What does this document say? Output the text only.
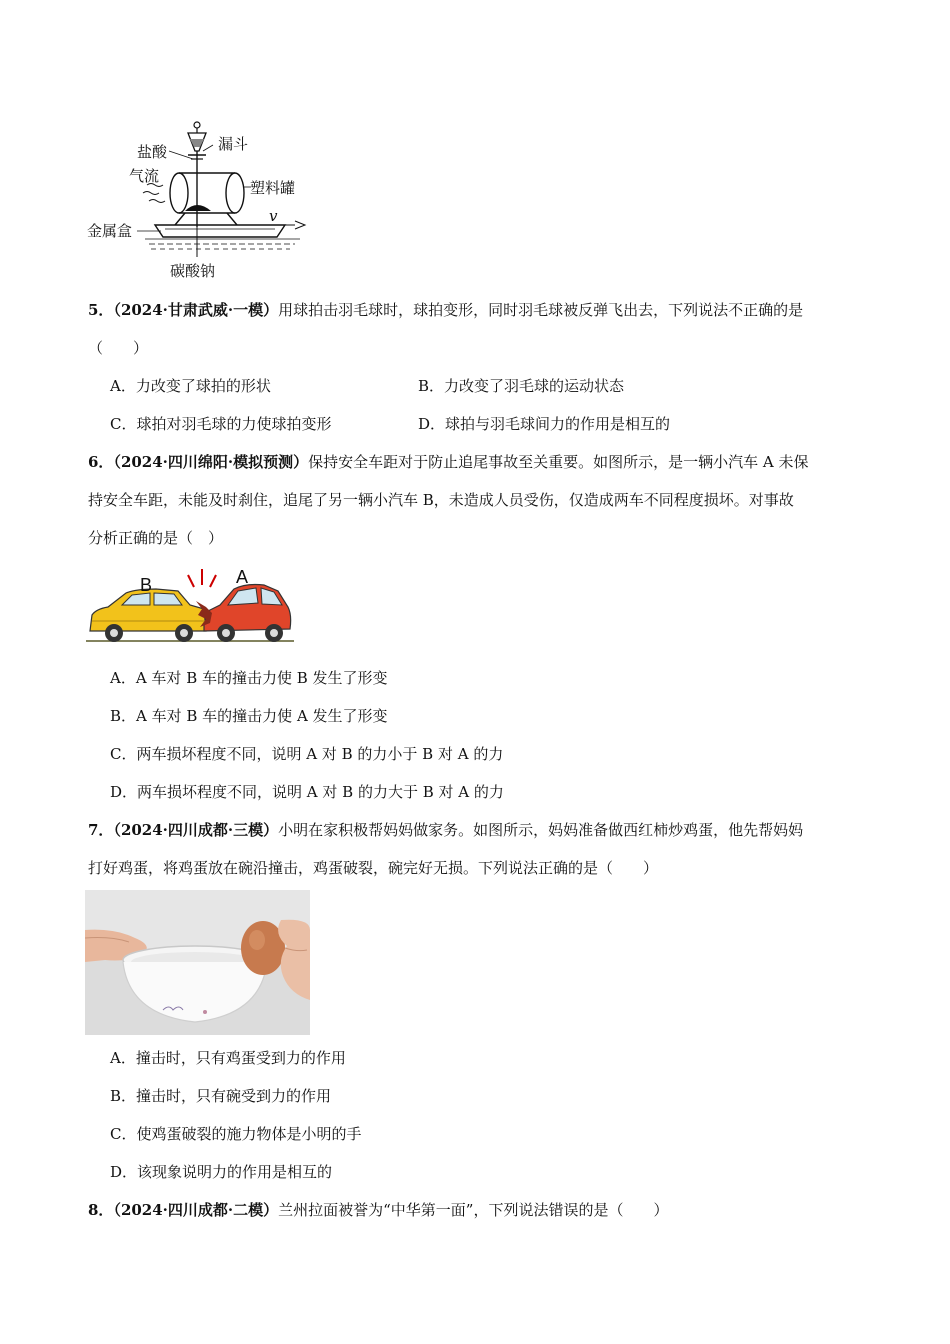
盐酸	漏斗
气流
塑料罐
金属盒
v
碳酸钠
5．（2024·甘肃武威·一模）用球拍击羽毛球时，球拍变形，同时羽毛球被反弹飞出去，下列说法不正确的是
（　　）
A．力改变了球拍的形状	B．力改变了羽毛球的运动状态
C．球拍对羽毛球的力使球拍变形	D．球拍与羽毛球间力的作用是相互的
6．（2024·四川绵阳·模拟预测）保持安全车距对于防止追尾事故至关重要。如图所示，是一辆小汽车 A 未保
持安全车距，未能及时刹住，追尾了另一辆小汽车 B，未造成人员受伤，仅造成两车不同程度损坏。对事故
分析正确的是（　）
B	A
A．A 车对 B 车的撞击力使 B 发生了形变
B．A 车对 B 车的撞击力使 A 发生了形变
C．两车损坏程度不同，说明 A 对 B 的力小于 B 对 A 的力
D．两车损坏程度不同，说明 A 对 B 的力大于 B 对 A 的力
7．（2024·四川成都·三模）小明在家积极帮妈妈做家务。如图所示，妈妈准备做西红柿炒鸡蛋，他先帮妈妈
打好鸡蛋，将鸡蛋放在碗沿撞击，鸡蛋破裂，碗完好无损。下列说法正确的是（　　）
A．撞击时，只有鸡蛋受到力的作用
B．撞击时，只有碗受到力的作用
C．使鸡蛋破裂的施力物体是小明的手
D．该现象说明力的作用是相互的
8．（2024·四川成都·二模）兰州拉面被誉为“中华第一面”，下列说法错误的是（　　）
